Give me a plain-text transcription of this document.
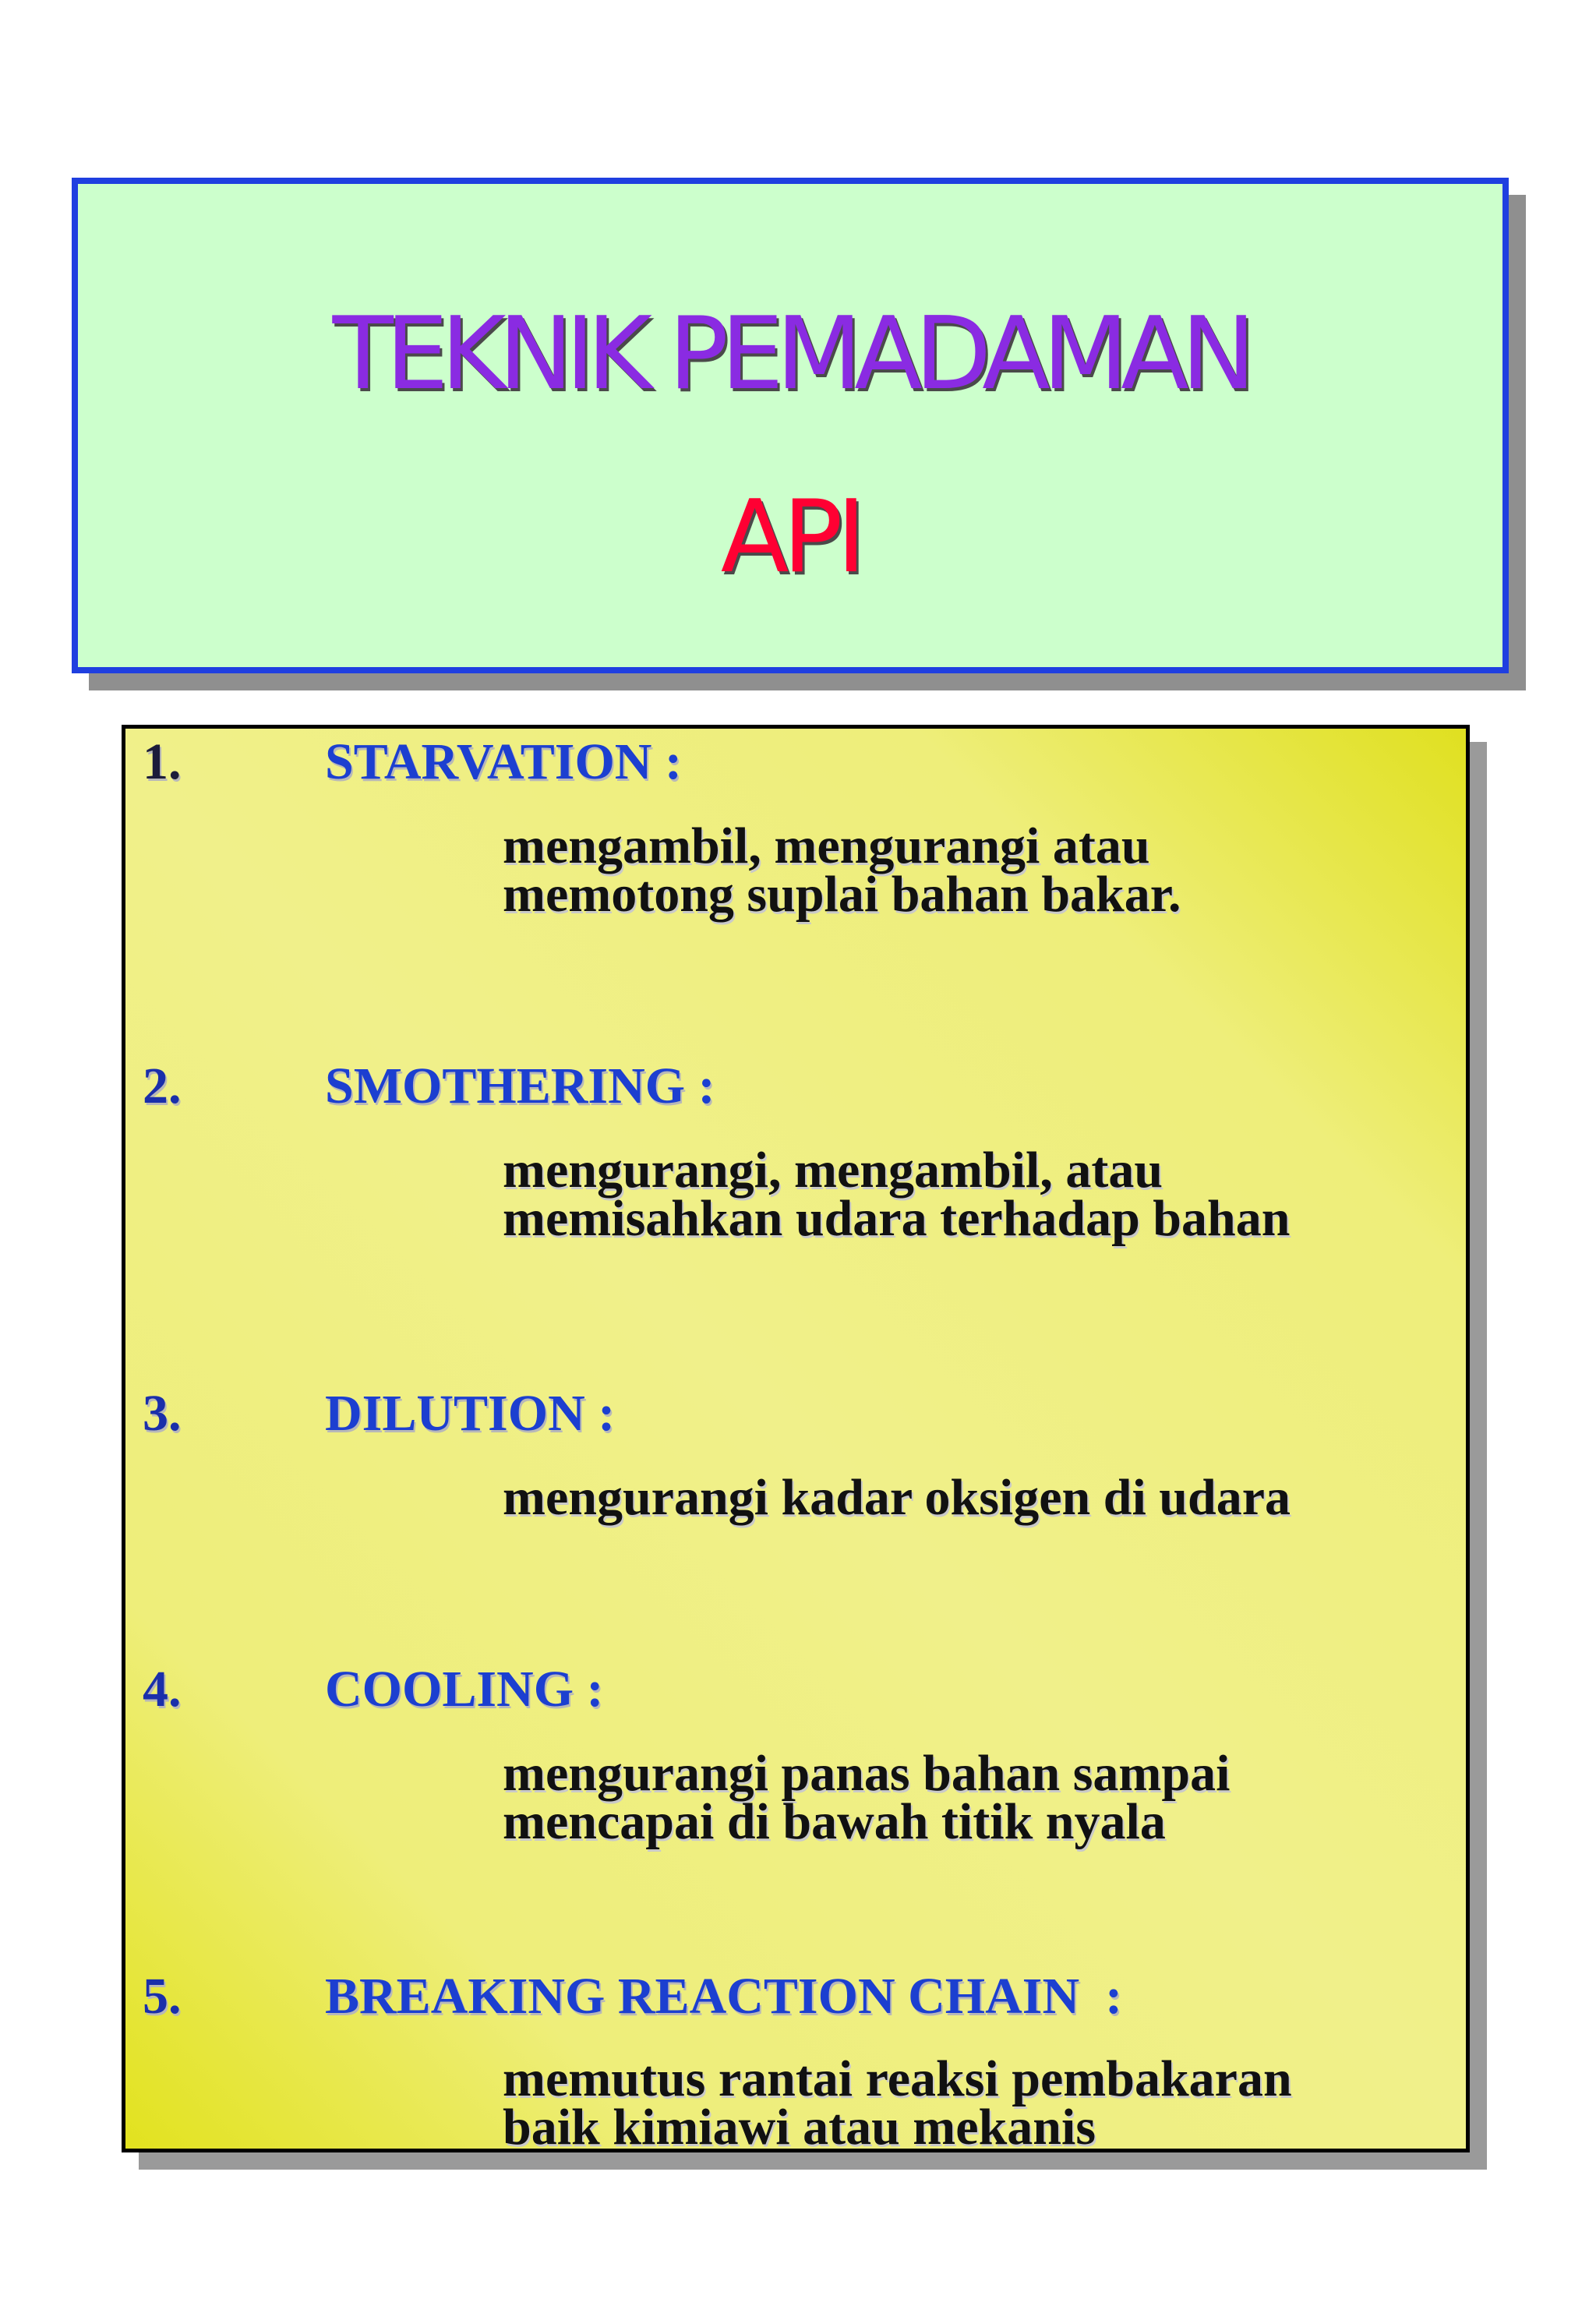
TEKNIK PEMADAMAN
API
1.	STARVATION :
mengambil, mengurangi atau
memotong suplai bahan bakar.
2.	SMOTHERING :
mengurangi, mengambil, atau
memisahkan udara terhadap bahan
3.	DILUTION :
mengurangi kadar oksigen di udara
4.	COOLING :
mengurangi panas bahan sampai
mencapai di bawah titik nyala
5.	BREAKING REACTION CHAIN  :
memutus rantai reaksi pembakaran
baik kimiawi atau mekanis
